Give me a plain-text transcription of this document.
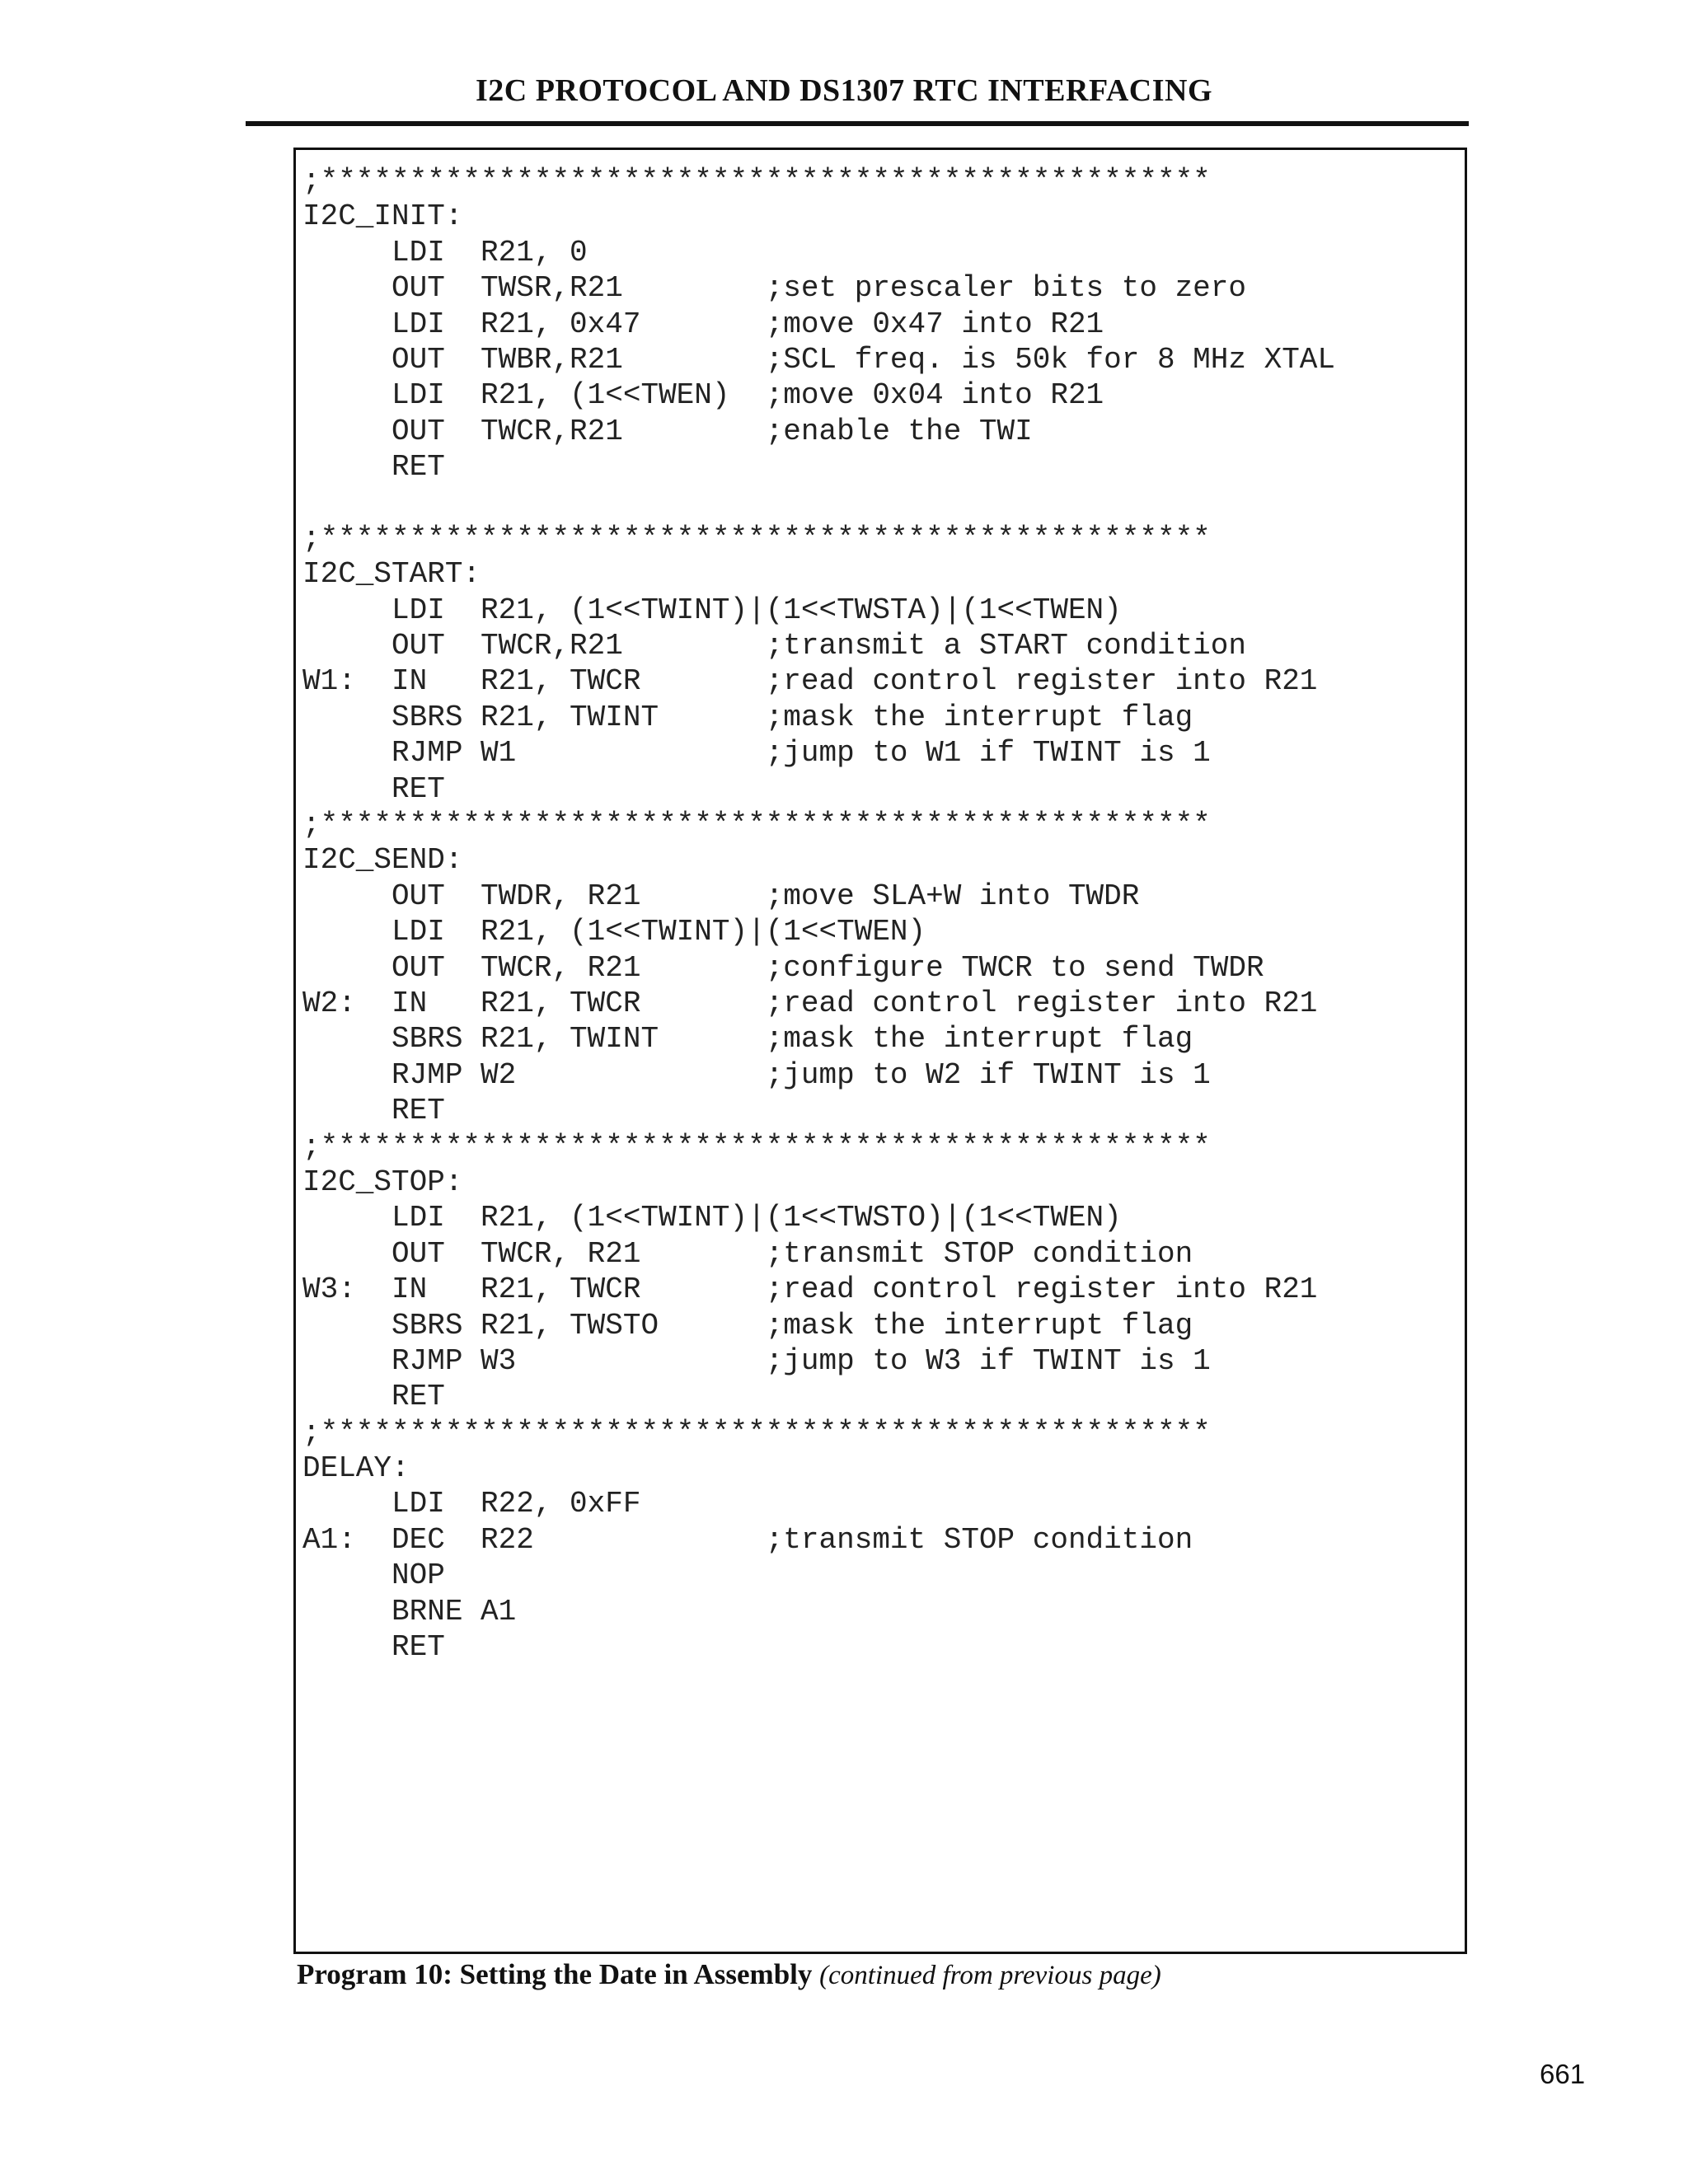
I2C PROTOCOL AND DS1307 RTC INTERFACING
;**************************************************
I2C_INIT:
LDI  R21, 0
OUT  TWSR,R21        ;set prescaler bits to zero
LDI  R21, 0x47       ;move 0x47 into R21
OUT  TWBR,R21        ;SCL freq. is 50k for 8 MHz XTAL
LDI  R21, (1<<TWEN)  ;move 0x04 into R21
OUT  TWCR,R21        ;enable the TWI
RET
;**************************************************
I2C_START:
LDI  R21, (1<<TWINT)|(1<<TWSTA)|(1<<TWEN)
OUT  TWCR,R21        ;transmit a START condition
W1:  IN   R21, TWCR       ;read control register into R21
SBRS R21, TWINT      ;mask the interrupt flag
RJMP W1              ;jump to W1 if TWINT is 1
RET
;**************************************************
I2C_SEND:
OUT  TWDR, R21       ;move SLA+W into TWDR
LDI  R21, (1<<TWINT)|(1<<TWEN)
OUT  TWCR, R21       ;configure TWCR to send TWDR
W2:  IN   R21, TWCR       ;read control register into R21
SBRS R21, TWINT      ;mask the interrupt flag
RJMP W2              ;jump to W2 if TWINT is 1
RET
;**************************************************
I2C_STOP:
LDI  R21, (1<<TWINT)|(1<<TWSTO)|(1<<TWEN)
OUT  TWCR, R21       ;transmit STOP condition
W3:  IN   R21, TWCR       ;read control register into R21
SBRS R21, TWSTO      ;mask the interrupt flag
RJMP W3              ;jump to W3 if TWINT is 1
RET
;**************************************************
DELAY:
LDI  R22, 0xFF
A1:  DEC  R22             ;transmit STOP condition
NOP
BRNE A1
RET
Program 10: Setting the Date in Assembly (continued from previous page)
661
